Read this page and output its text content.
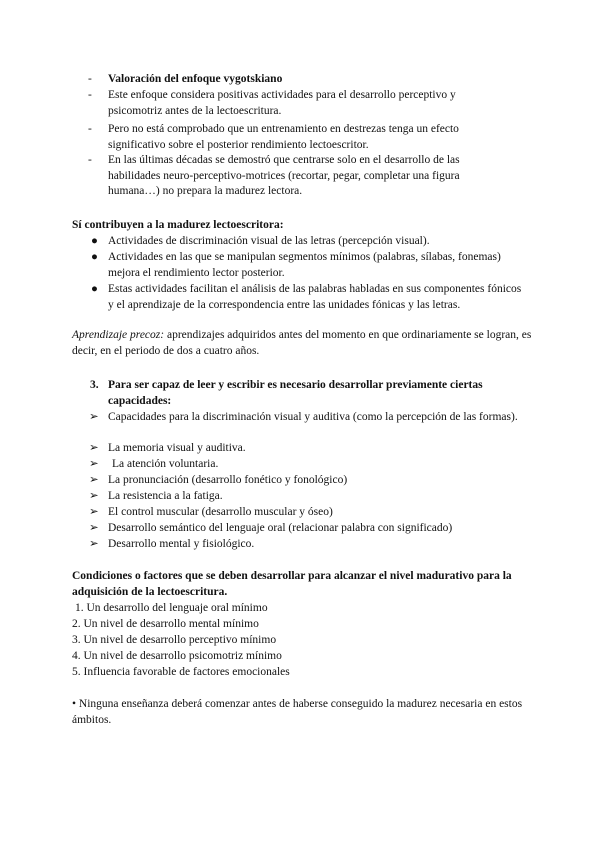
- Valoración del enfoque vygotskiano
- Este enfoque considera positivas actividades para el desarrollo perceptivo y psicomotriz antes de la lectoescritura.
- Pero no está comprobado que un entrenamiento en destrezas tenga un efecto significativo sobre el posterior rendimiento lectoescritor.
- En las últimas décadas se demostró que centrarse solo en el desarrollo de las habilidades neuro-perceptivo-motrices (recortar, pegar, completar una figura humana…) no prepara la madurez lectora.
Sí contribuyen a la madurez lectoescritora:
● Actividades de discriminación visual de las letras (percepción visual).
● Actividades en las que se manipulan segmentos mínimos (palabras, sílabas, fonemas) mejora el rendimiento lector posterior.
● Estas actividades facilitan el análisis de las palabras habladas en sus componentes fónicos y el aprendizaje de la correspondencia entre las unidades fónicas y las letras.
Aprendizaje precoz: aprendizajes adquiridos antes del momento en que ordinariamente se logran, es decir, en el periodo de dos a cuatro años.
3. Para ser capaz de leer y escribir es necesario desarrollar previamente ciertas capacidades:
➢ Capacidades para la discriminación visual y auditiva (como la percepción de las formas).
➢ La memoria visual y auditiva.
➢ La atención voluntaria.
➢ La pronunciación (desarrollo fonético y fonológico)
➢ La resistencia a la fatiga.
➢ El control muscular (desarrollo muscular y óseo)
➢ Desarrollo semántico del lenguaje oral (relacionar palabra con significado)
➢ Desarrollo mental y fisiológico.
Condiciones o factores que se deben desarrollar para alcanzar el nivel madurativo para la adquisición de la lectoescritura.
1. Un desarrollo del lenguaje oral mínimo
2. Un nivel de desarrollo mental mínimo
3. Un nivel de desarrollo perceptivo mínimo
4. Un nivel de desarrollo psicomotriz mínimo
5. Influencia favorable de factores emocionales
• Ninguna enseñanza deberá comenzar antes de haberse conseguido la madurez necesaria en estos ámbitos.
